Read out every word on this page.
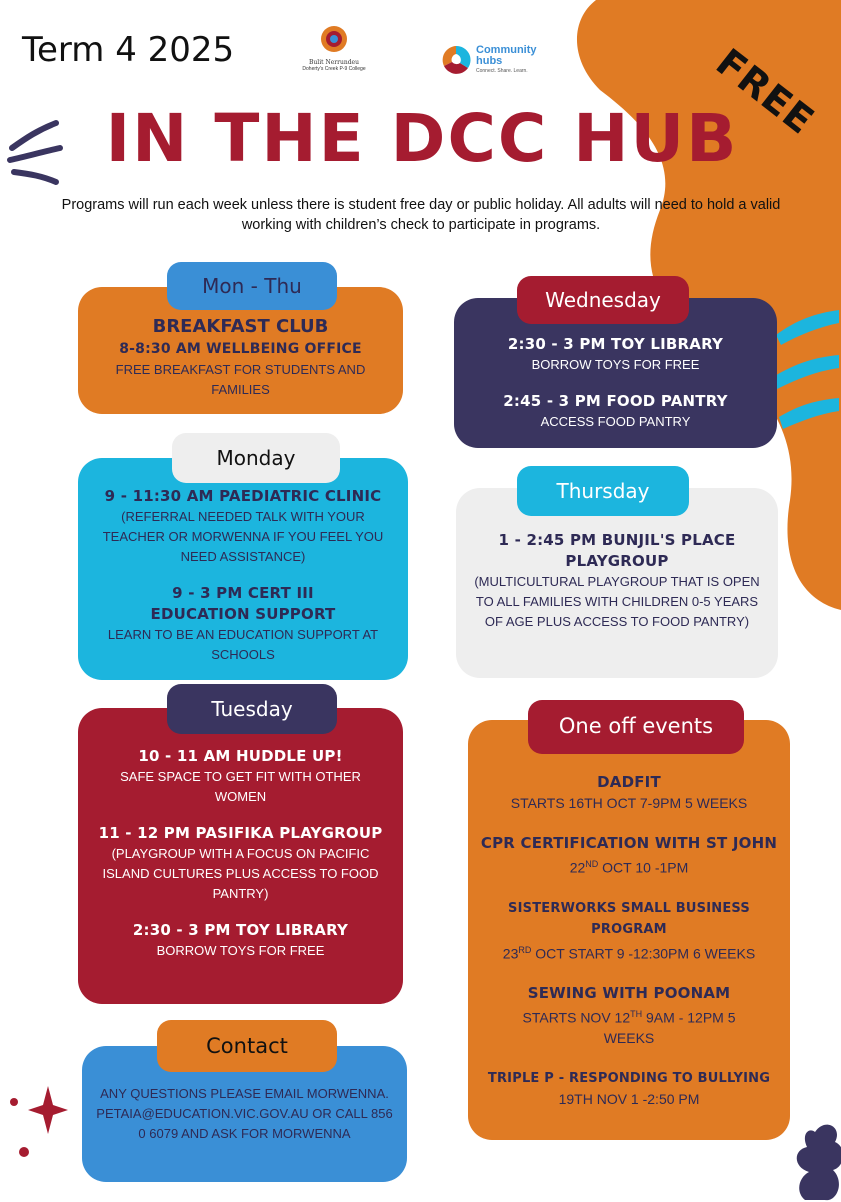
FREE
Term 4 2025	Bulit Nerrundeu
Doherty's Creek P-9 College
Community
hubs
Connect. Share. Learn.
IN THE DCC HUB
Programs will run each week unless there is student free day or public holiday. All adults will need to hold a valid working with children’s check to participate in programs.
BREAKFAST CLUB
8-8:30 AM WELLBEING OFFICE
FREE BREAKFAST FOR STUDENTS AND FAMILIES
Mon - Thu
9 - 11:30 AM PAEDIATRIC CLINIC
(REFERRAL NEEDED TALK WITH YOUR TEACHER OR MORWENNA IF YOU FEEL YOU NEED ASSISTANCE)
9 - 3 PM CERT III EDUCATION SUPPORT
LEARN TO BE AN EDUCATION SUPPORT AT SCHOOLS
Monday
10 - 11 AM HUDDLE UP!
SAFE SPACE TO GET FIT WITH OTHER WOMEN
11 - 12 PM PASIFIKA PLAYGROUP
(PLAYGROUP WITH A FOCUS ON PACIFIC ISLAND CULTURES PLUS ACCESS TO FOOD PANTRY)
2:30 - 3 PM TOY LIBRARY
BORROW TOYS FOR FREE
Tuesday
ANY QUESTIONS PLEASE EMAIL MORWENNA.PETAIA@EDUCATION.VIC.GOV.AU OR CALL 8560 6079 AND ASK FOR MORWENNA
Contact
2:30 - 3 PM TOY LIBRARY
BORROW TOYS FOR FREE
2:45 - 3 PM FOOD PANTRY
ACCESS FOOD PANTRY
Wednesday
1 - 2:45 PM BUNJIL'S PLACE PLAYGROUP
(MULTICULTURAL PLAYGROUP THAT IS OPEN TO ALL FAMILIES WITH CHILDREN 0-5 YEARS OF AGE PLUS ACCESS TO FOOD PANTRY)
Thursday
DADFIT
STARTS 16TH OCT 7-9PM 5 WEEKS
CPR CERTIFICATION WITH ST JOHN
22ND OCT 10 -1PM
SISTERWORKS SMALL BUSINESS PROGRAM
23RD OCT START 9 -12:30PM 6 WEEKS
SEWING WITH POONAM
STARTS NOV 12TH 9AM - 12PM 5 WEEKS
TRIPLE P - RESPONDING TO BULLYING
19TH NOV 1 -2:50 PM
One off events
